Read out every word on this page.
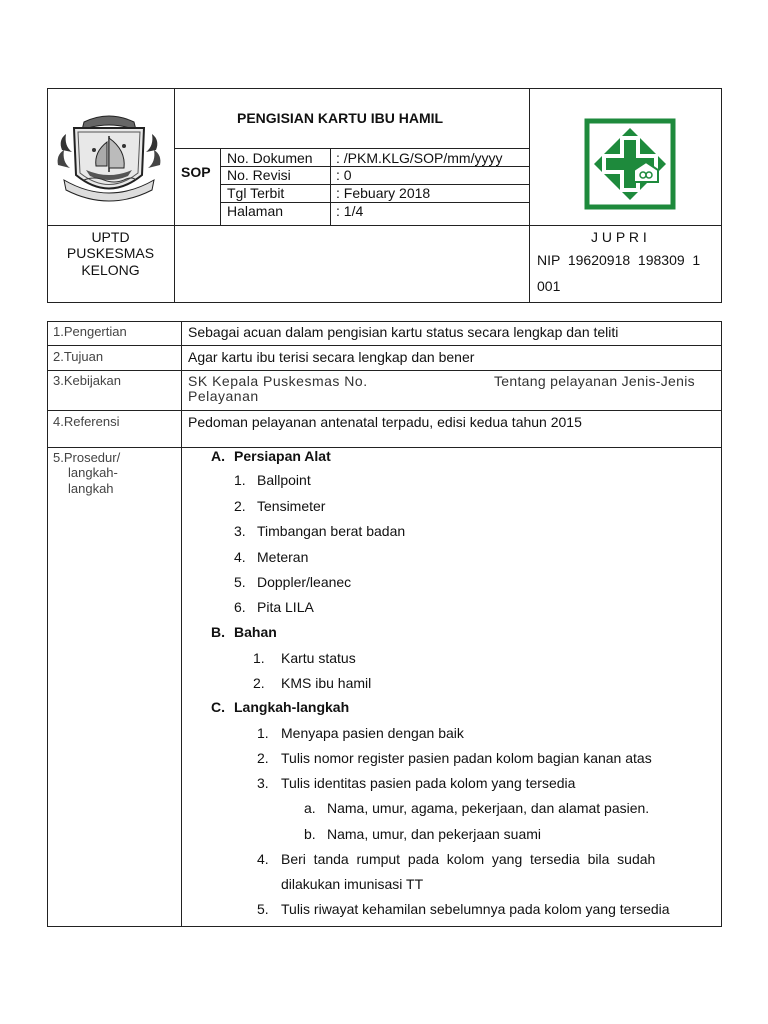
PENGISIAN KARTU IBU HAMIL
SOP
No. Dokumen : /PKM.KLG/SOP/mm/yyyy
No. Revisi	: 0
Tgl Terbit	: Febuary 2018
Halaman	: 1/4
UPTD
PUSKESMAS
KELONG
J U P R I
NIP  19620918  198309  1
001
1.Pengertian	Sebagai acuan dalam pengisian kartu status secara lengkap dan teliti
2.Tujuan	Agar kartu ibu terisi secara lengkap dan bener
3.Kebijakan	SK Kepala Puskesmas No.	Tentang pelayanan Jenis-Jenis
Pelayanan
4.Referensi	Pedoman pelayanan antenatal terpadu, edisi kedua tahun 2015
5.Prosedur/
langkah-
langkah
A. Persiapan Alat
1. Ballpoint
2. Tensimeter
3. Timbangan berat badan
4. Meteran
5. Doppler/leanec
6. Pita LILA
B. Bahan
1. Kartu status
2. KMS ibu hamil
C. Langkah-langkah
1. Menyapa pasien dengan baik
2. Tulis nomor register pasien padan kolom bagian kanan atas
3. Tulis identitas pasien pada kolom yang tersedia
a. Nama, umur, agama, pekerjaan, dan alamat pasien.
b. Nama, umur, dan pekerjaan suami
4. Beri  tanda  rumput  pada  kolom  yang  tersedia  bila  sudah
dilakukan imunisasi TT
5. Tulis riwayat kehamilan sebelumnya pada kolom yang tersedia
